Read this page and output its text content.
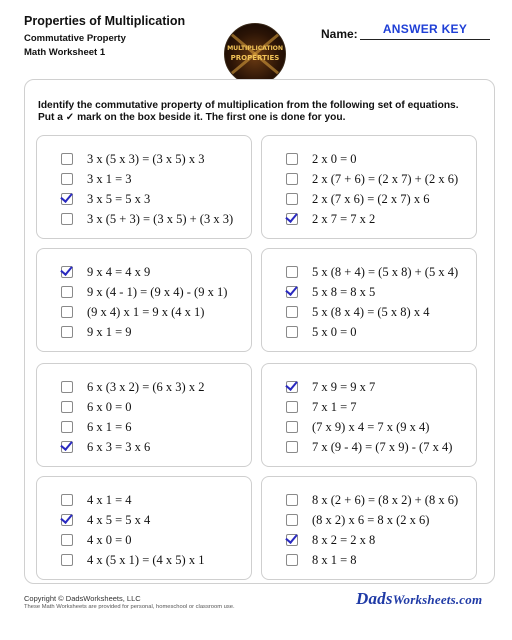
Properties of Multiplication
Commutative Property
Math Worksheet 1	MULTIPLICATION
PROPERTIES
Name:	ANSWER KEY
Identify the commutative property of multiplication from the following set of equations.
Put a ✓ mark on the box beside it. The first one is done for you.
3 x (5 x 3) = (3 x 5) x 3
3 x 1 = 3
3 x 5 = 5 x 3
3 x (5 + 3) = (3 x 5) + (3 x 3)
2 x 0 = 0
2 x (7 + 6) = (2 x 7) + (2 x 6)
2 x (7 x 6) = (2 x 7) x 6
2 x 7 = 7 x 2
9 x 4 = 4 x 9
9 x (4 - 1) = (9 x 4) - (9 x 1)
(9 x 4) x 1 = 9 x (4 x 1)
9 x 1 = 9
5 x (8 + 4) = (5 x 8) + (5 x 4)
5 x 8 = 8 x 5
5 x (8 x 4) = (5 x 8) x 4
5 x 0 = 0
6 x (3 x 2) = (6 x 3) x 2
6 x 0 = 0
6 x 1 = 6
6 x 3 = 3 x 6
7 x 9 = 9 x 7
7 x 1 = 7
(7 x 9) x 4 = 7 x (9 x 4)
7 x (9 - 4) = (7 x 9) - (7 x 4)
4 x 1 = 4
4 x 5 = 5 x 4
4 x 0 = 0
4 x (5 x 1) = (4 x 5) x 1
8 x (2 + 6) = (8 x 2) + (8 x 6)
(8 x 2) x 6 = 8 x (2 x 6)
8 x 2 = 2 x 8
8 x 1 = 8
Copyright © DadsWorksheets, LLC
These Math Worksheets are provided for personal, homeschool or classroom use.	DadsWorksheets.com
